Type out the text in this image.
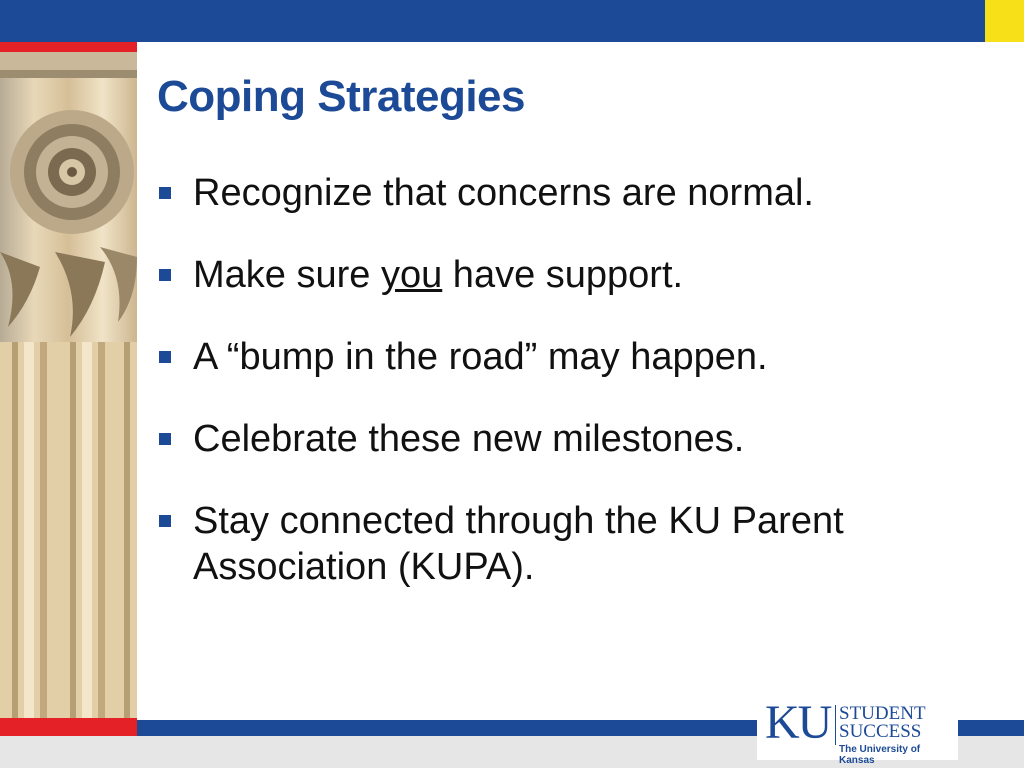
Coping Strategies
Recognize that concerns are normal.
Make sure you have support.
A “bump in the road” may happen.
Celebrate these new milestones.
Stay connected through the KU Parent Association (KUPA).
KU STUDENT
SUCCESS
The University of Kansas
